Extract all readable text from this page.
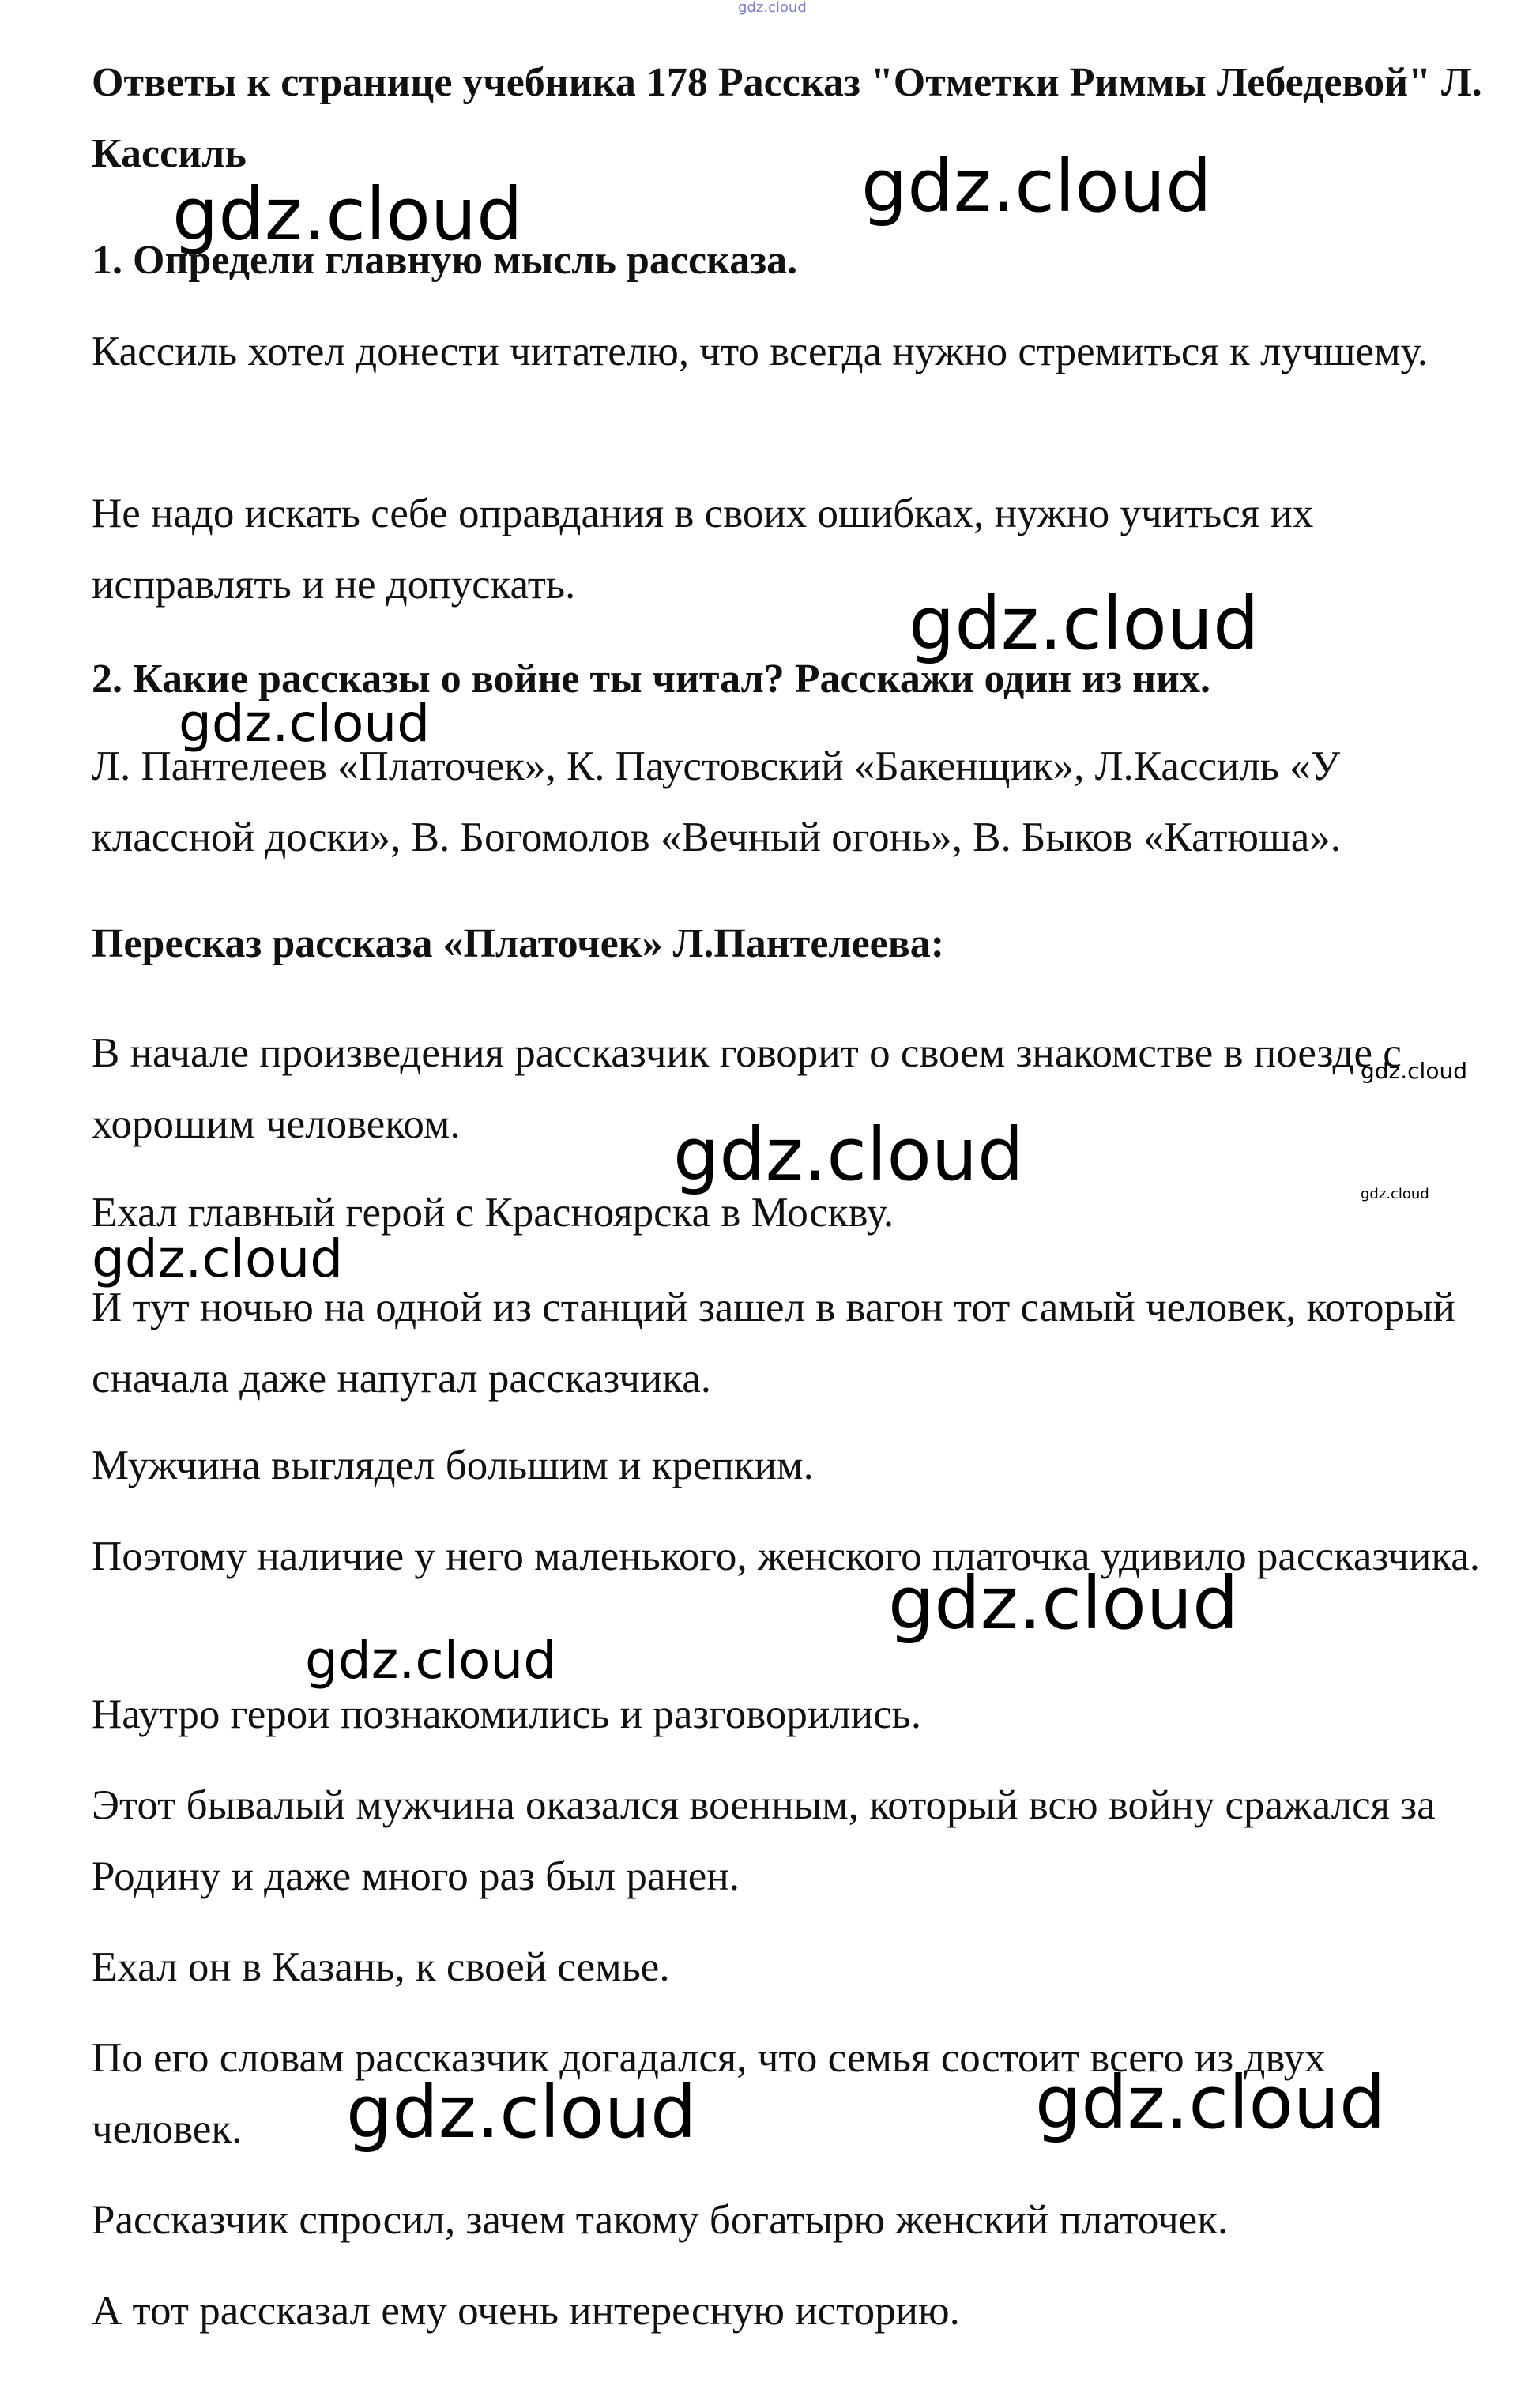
Ответы к странице учебника 178 Рассказ "Отметки Риммы Лебедевой" Л. Кассиль

1. Определи главную мысль рассказа.

Кассиль хотел донести читателю, что всегда нужно стремиться к лучшему.

Не надо искать себе оправдания в своих ошибках, нужно учиться их исправлять и не допускать.

2. Какие рассказы о войне ты читал? Расскажи один из них.

Л. Пантелеев «Платочек», К. Паустовский «Бакенщик», Л.Кассиль «У классной доски», В. Богомолов «Вечный огонь», В. Быков «Катюша».

Пересказ рассказа «Платочек» Л.Пантелеева:

В начале произведения рассказчик говорит о своем знакомстве в поезде с хорошим человеком.

Ехал главный герой с Красноярска в Москву.

И тут ночью на одной из станций зашел в вагон тот самый человек, который сначала даже напугал рассказчика.

Мужчина выглядел большим и крепким.

Поэтому наличие у него маленького, женского платочка удивило рассказчика.

Наутро герои познакомились и разговорились.

Этот бывалый мужчина оказался военным, который всю войну сражался за Родину и даже много раз был ранен.

Ехал он в Казань, к своей семье.

По его словам рассказчик догадался, что семья состоит всего из двух человек.

Рассказчик спросил, зачем такому богатырю женский платочек.

А тот рассказал ему очень интересную историю.

gdz.cloud
gdz.cloud	gdz.cloud
gdz.cloud
gdz.cloud
gdz.cloud
gdz.cloud	gdz.cloud
gdz.cloud
gdz.cloud
gdz.cloud
gdz.cloud	gdz.cloud
